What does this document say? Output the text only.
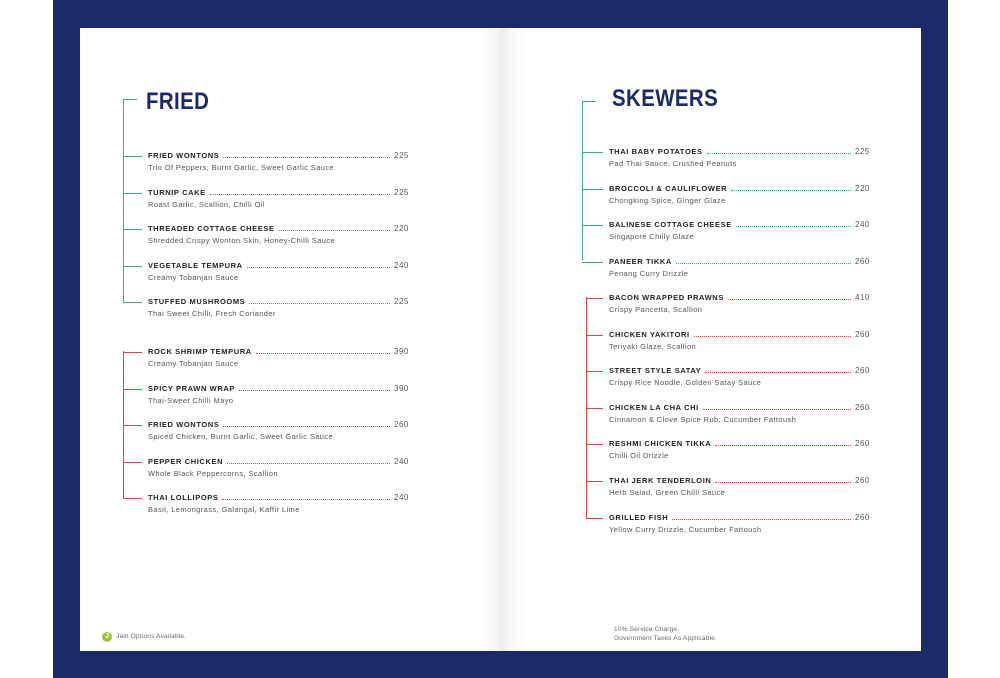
FRIED
J	Jain Options Available.
FRIED WONTONS	225
Trio Of Peppers, Burnt Garlic, Sweet Garlic Sauce
TURNIP CAKE	225
Roast Garlic, Scallion, Chilli Oil
THREADED COTTAGE CHEESE	220
Shredded Crispy Wonton Skin, Honey-Chilli Sauce
VEGETABLE TEMPURA	240
Creamy Tobanjan Sauce
STUFFED MUSHROOMS	225
Thai Sweet Chilli, Fresh Coriander
ROCK SHRIMP TEMPURA	390
Creamy Tobanjan Sauce
SPICY PRAWN WRAP	390
Thai-Sweet Chilli Mayo
FRIED WONTONS	260
Spiced Chicken, Burnt Garlic, Sweet Garlic Sauce
PEPPER CHICKEN	240
Whole Black Peppercorns, Scallion
THAI LOLLIPOPS	240
Basil, Lemongrass, Galangal, Kaffir Lime
SKEWERS
10% Service Charge.
Government Taxes As Applicable.
THAI BABY POTATOES	225
Pad Thai Sauce, Crushed Peanuts
BROCCOLI & CAULIFLOWER	220
Chongking Spice, Ginger Glaze
BALINESE COTTAGE CHEESE	240
Singapore Chilly Glaze
PANEER TIKKA	260
Penang Curry Drizzle
BACON WRAPPED PRAWNS	410
Crispy Pancetta, Scallion
CHICKEN YAKITORI	260
Teriyaki Glaze, Scallion
STREET STYLE SATAY	260
Crispy Rice Noodle, Golden Satay Sauce
CHICKEN LA CHA CHI	260
Cinnamon & Clove Spice Rub, Cucumber Fattoush
RESHMI CHICKEN TIKKA	260
Chilli Oil Drizzle
THAI JERK TENDERLOIN	260
Herb Salad, Green Chilli Sauce
GRILLED FISH	260
Yellow Curry Drizzle, Cucumber Fattoush
